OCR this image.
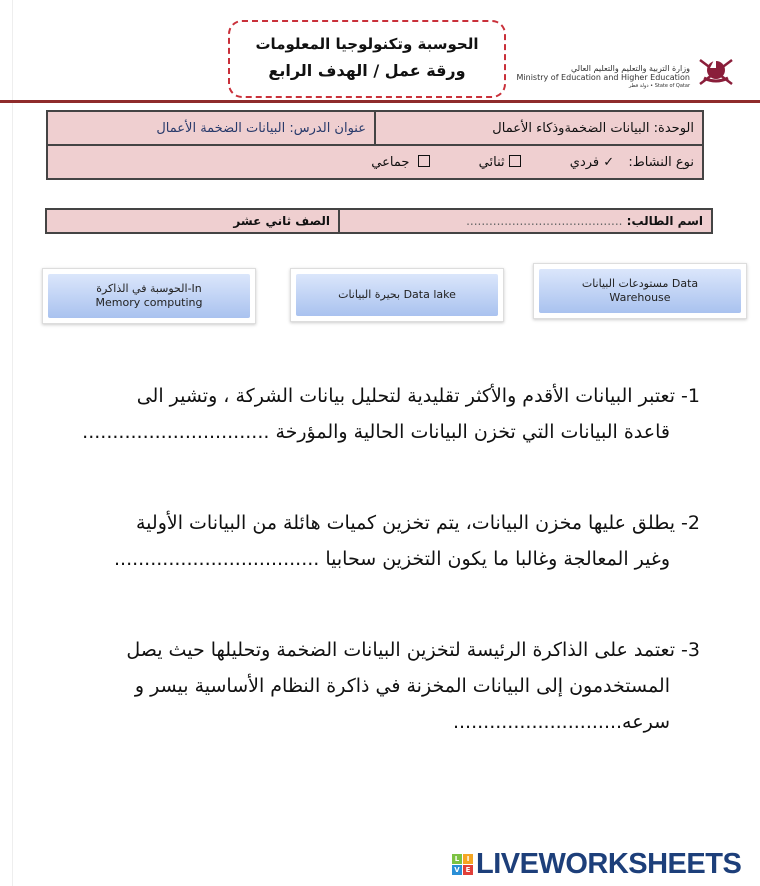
الحوسبة وتكنولوجيا المعلومات
ورقة عمل / الهدف الرابع	وزارة التربية والتعليم والتعليم العالي
Ministry of Education and Higher Education
State of Qatar • دولة قطر
الوحدة: البيانات الضخمةوذكاء الأعمال	عنوان الدرس: البيانات الضخمة الأعمال
نوع النشاط: ✓ فردي ثنائي  جماعي
اسم الطالب: .........................................	الصف ثاني عشر
مستودعات البيانات Data
Warehouse
بحيرة البيانات Data lake
الحوسبة في الذاكرة-In
Memory computing
1- تعتبر البيانات الأقدم والأكثر تقليدية لتحليل بيانات الشركة ، وتشير الى
قاعدة البيانات التي تخزن البيانات الحالية والمؤرخة ...............................
2- يطلق عليها مخزن البيانات، يتم تخزين كميات هائلة من البيانات الأولية
وغير المعالجة وغالبا ما يكون التخزين سحابيا ..................................
3- تعتمد على الذاكرة الرئيسة لتخزين البيانات الضخمة وتحليلها حيث يصل
المستخدمون إلى البيانات المخزنة في ذاكرة النظام الأساسية بيسر و
سرعه............................
L	I
V E LIVEWORKSHEETS
